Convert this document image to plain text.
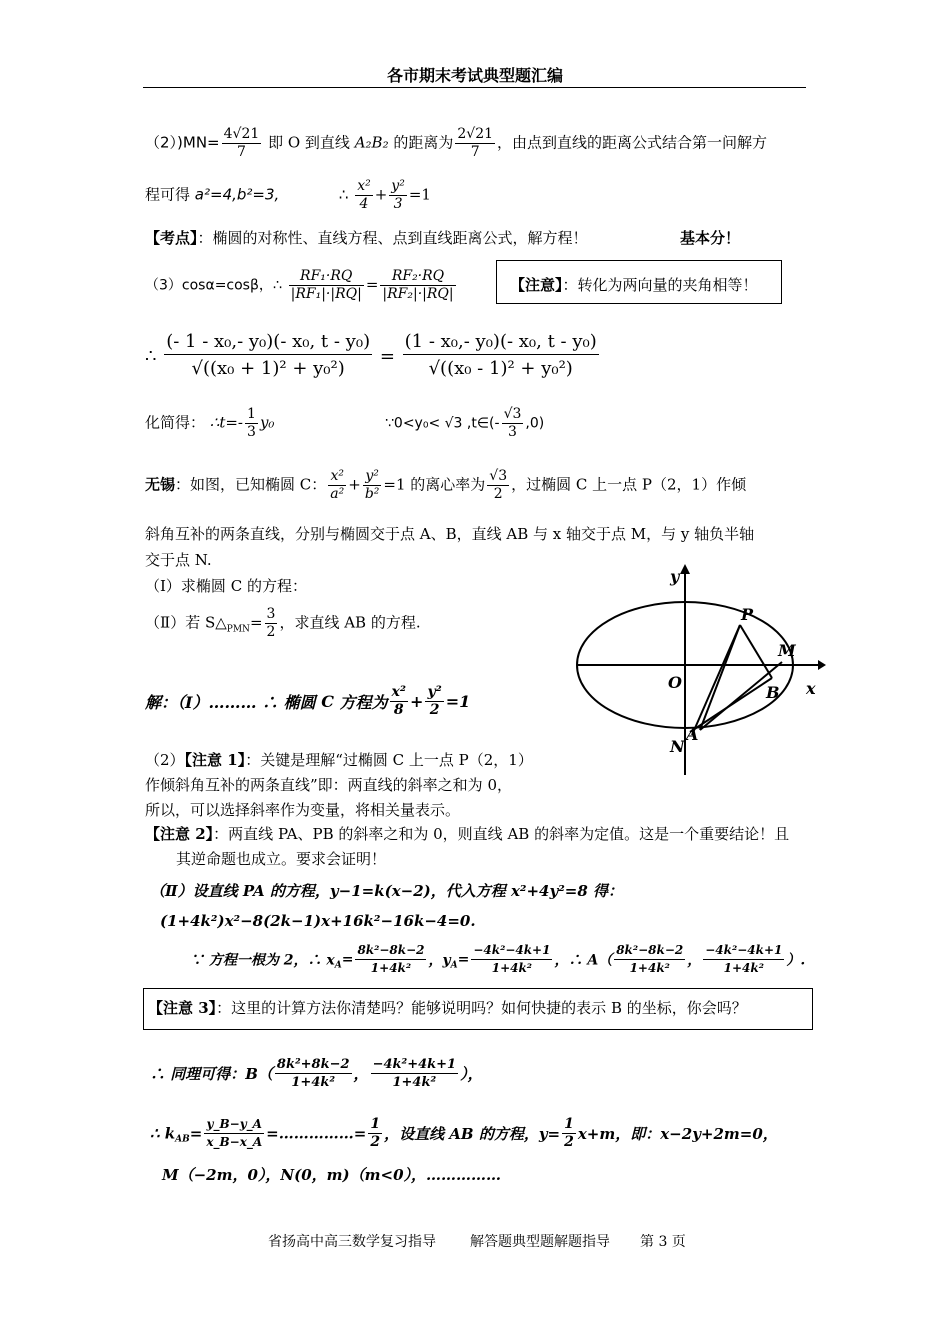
各市期末考试典型题汇编
$(2))MN= \frac{4√21}{7}$ 即 O 到直线 A₂B₂ 的距离为 $\frac{2√21}{7}$ ，由点到直线的距离公式结合第一问解方
程可得 a²=4,b²=3,	∴ $\frac{\text{x²}}{4} + \frac{\text{y²}}{3} =1$
【考点】：椭圆的对称性、直线方程、点到直线距离公式，解方程！	基本分！
（3）cosα=cosβ，∴ $\frac{\text{RF₁·RQ}}{\text{|RF₁|·|RQ|}} = \frac{\text{RF₂·RQ}}{\text{|RF₂|·|RQ|}}$	【注意】：转化为两向量的夹角相等！
∴ $\frac{\text{(- 1 - x₀,- y₀)(- x₀, t - y₀)}}{\text{√((x₀ + 1)² + y₀²)}} = \frac{\text{(1 - x₀,- y₀)(- x₀, t - y₀)}}{\text{√((x₀ - 1)² + y₀²)}}$
化简得： ∴t=- $\frac{1}{3} y_0$	∵0<y₀< √3 ,t∈(- $\frac{√3}{3} ,0$)
无锡：如图，已知椭圆 C： $\frac{\text{x²}}{\text{a²}} + \frac{\text{y²}}{\text{b²}} =1$ 的离心率为 $\frac{√3}{2}$ ，过椭圆 C 上一点 P（2，1）作倾
斜角互补的两条直线，分别与椭圆交于点 A、B，直线 AB 与 x 轴交于点 M，与 y 轴负半轴
交于点 N.
（Ⅰ）求椭圆 C 的方程：
（Ⅱ）若 $S\triangle_{PMN}= \frac{3}{2}$ ，求直线 AB 的方程.
y
x
O
P
M
B
A
N
解：（Ⅰ）……… ∴ 椭圆 C 方程为 $\frac{\text{x²}}{8} + \frac{\text{y²}}{2} =1$
（2）【注意 1】：关键是理解“过椭圆 C 上一点 P（2，1）
作倾斜角互补的两条直线”即：两直线的斜率之和为 0，
所以，可以选择斜率作为变量，将相关量表示。
【注意 2】：两直线 PA、PB 的斜率之和为 0，则直线 AB 的斜率为定值。这是一个重要结论！且
其逆命题也成立。要求会证明！
（Ⅱ）设直线 PA 的方程，y−1=k(x−2)，代入方程 x²+4y²=8 得：
(1+4k²)x²−8(2k−1)x+16k²−16k−4=0.
∵ 方程一根为 2，∴ $x_A= \frac{\text{8k²−8k−2}}{\text{1+4k²}}$ ，$y_A= \frac{\text{−4k²−4k+1}}{\text{1+4k²}}$ ，∴ $A( \frac{\text{8k²−8k−2}}{\text{1+4k²}}$ ， $\frac{\text{−4k²−4k+1}}{\text{1+4k²}}$ ）.
【注意 3】：这里的计算方法你清楚吗？能够说明吗？如何快捷的表示 B 的坐标，你会吗？
∴ 同理可得：$B( \frac{\text{8k²+8k−2}}{\text{1+4k²}}$ ， $\frac{\text{−4k²+4k+1}}{\text{1+4k²}}$ ），
∴ $k_{AB}= \frac{y\_B-y\_A}{x\_B-x\_A}$ =……………= $\frac{1}{2}$ ，设直线 AB 的方程，$y= \frac{1}{2} x+m$，即：x−2y+2m=0，
M（−2m，0），N(0，m)（m<0），……………
省扬高中高三数学复习指导 解答题典型题解题指导 第 3 页
